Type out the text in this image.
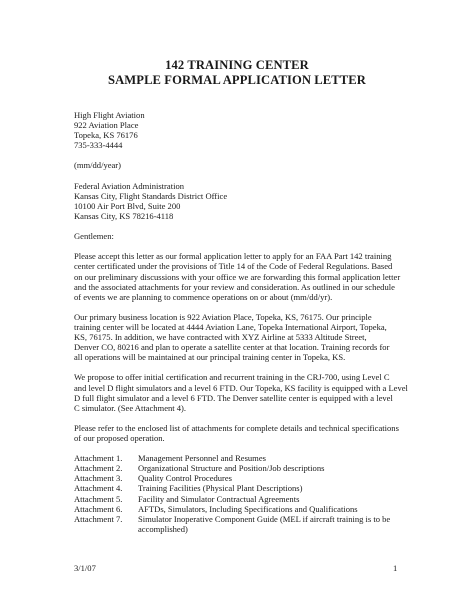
142 TRAINING CENTER
SAMPLE FORMAL APPLICATION LETTER
High Flight Aviation
922 Aviation Place
Topeka, KS 76176
735-333-4444
(mm/dd/year)
Federal Aviation Administration
Kansas City, Flight Standards District Office
10100 Air Port Blvd, Suite 200
Kansas City, KS 78216-4118
Gentlemen:
Please accept this letter as our formal application letter to apply for an FAA Part 142 training
center certificated under the provisions of Title 14 of the Code of Federal Regulations. Based
on our preliminary discussions with your office we are forwarding this formal application letter
and the associated attachments for your review and consideration. As outlined in our schedule
of events we are planning to commence operations on or about (mm/dd/yr).
Our primary business location is 922 Aviation Place, Topeka, KS, 76175. Our principle
training center will be located at 4444 Aviation Lane, Topeka International Airport, Topeka,
KS, 76175. In addition, we have contracted with XYZ Airline at 5333 Altitude Street,
Denver CO, 80216 and plan to operate a satellite center at that location. Training records for
all operations will be maintained at our principal training center in Topeka, KS.
We propose to offer initial certification and recurrent training in the CRJ-700, using Level C
and level D flight simulators and a level 6 FTD. Our Topeka, KS facility is equipped with a Level
D full flight simulator and a level 6 FTD. The Denver satellite center is equipped with a level
C simulator. (See Attachment 4).
Please refer to the enclosed list of attachments for complete details and technical specifications
of our proposed operation.
Attachment 1.	Management Personnel and Resumes
Attachment 2.	Organizational Structure and Position/Job descriptions
Attachment 3.	Quality Control Procedures
Attachment 4.	Training Facilities (Physical Plant Descriptions)
Attachment 5.	Facility and Simulator Contractual Agreements
Attachment 6.	AFTDs, Simulators, Including Specifications and Qualifications
Attachment 7.	Simulator Inoperative Component Guide (MEL if aircraft training is to be accomplished)

3/1/07	1
